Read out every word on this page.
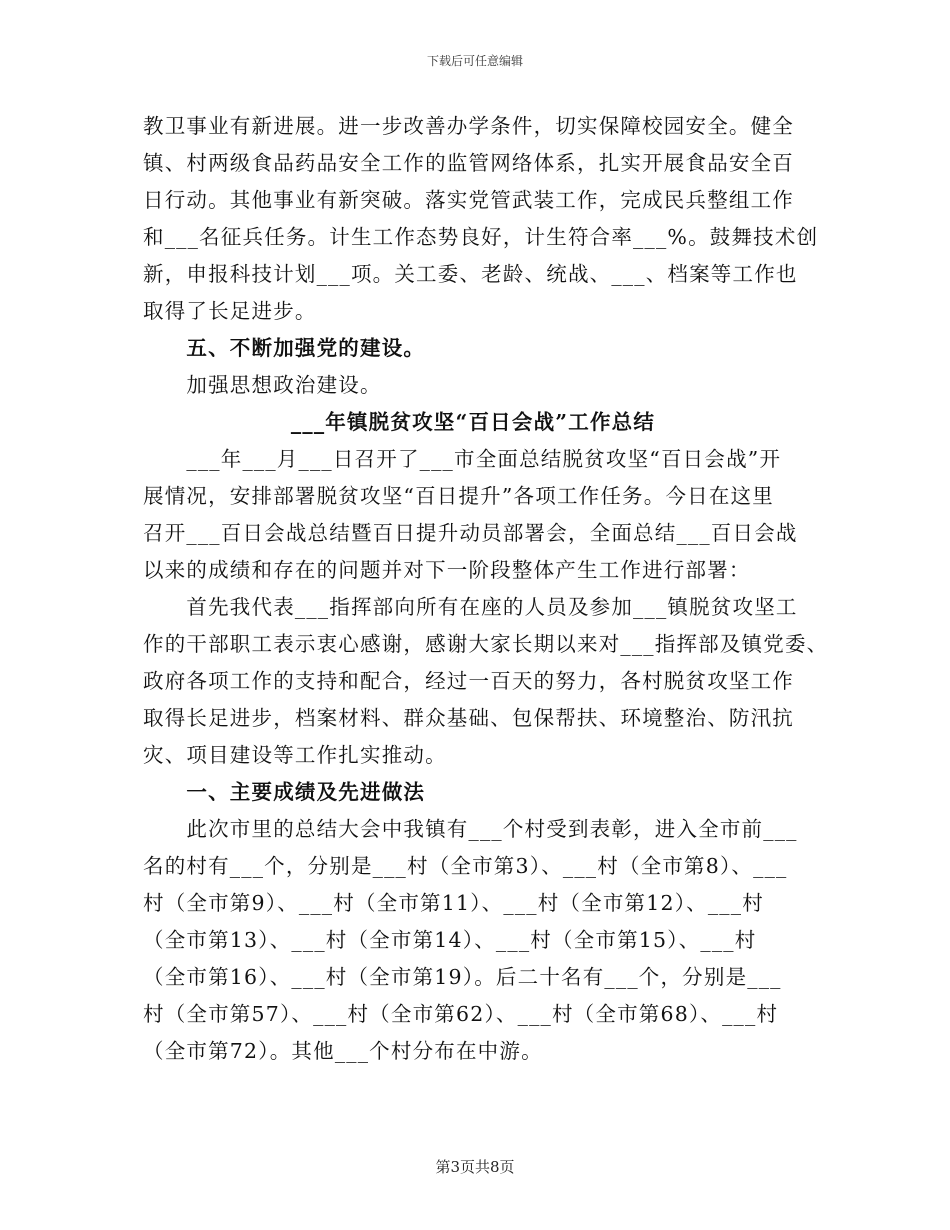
下载后可任意编辑
教卫事业有新进展。进一步改善办学条件，切实保障校园安全。健全
镇、村两级食品药品安全工作的监管网络体系，扎实开展食品安全百
日行动。其他事业有新突破。落实党管武装工作，完成民兵整组工作
和___名征兵任务。计生工作态势良好，计生符合率___%。鼓舞技术创
新，申报科技计划___项。关工委、老龄、统战、___、档案等工作也
取得了长足进步。
　　五、不断加强党的建设。
　　加强思想政治建设。
___年镇脱贫攻坚“百日会战”工作总结
　　___年___月___日召开了___市全面总结脱贫攻坚“百日会战”开
展情况，安排部署脱贫攻坚“百日提升”各项工作任务。今日在这里
召开___百日会战总结暨百日提升动员部署会，全面总结___百日会战
以来的成绩和存在的问题并对下一阶段整体产生工作进行部署：
　　首先我代表___指挥部向所有在座的人员及参加___镇脱贫攻坚工
作的干部职工表示衷心感谢，感谢大家长期以来对___指挥部及镇党委、
政府各项工作的支持和配合，经过一百天的努力，各村脱贫攻坚工作
取得长足进步，档案材料、群众基础、包保帮扶、环境整治、防汛抗
灾、项目建设等工作扎实推动。
　　一、主要成绩及先进做法
　　此次市里的总结大会中我镇有___个村受到表彰，进入全市前___
名的村有___个，分别是___村（全市第3）、___村（全市第8）、___
村（全市第9）、___村（全市第11）、___村（全市第12）、___村
（全市第13）、___村（全市第14）、___村（全市第15）、___村
（全市第16）、___村（全市第19）。后二十名有___个，分别是___
村（全市第57）、___村（全市第62）、___村（全市第68）、___村
（全市第72）。其他___个村分布在中游。
第3页共8页
